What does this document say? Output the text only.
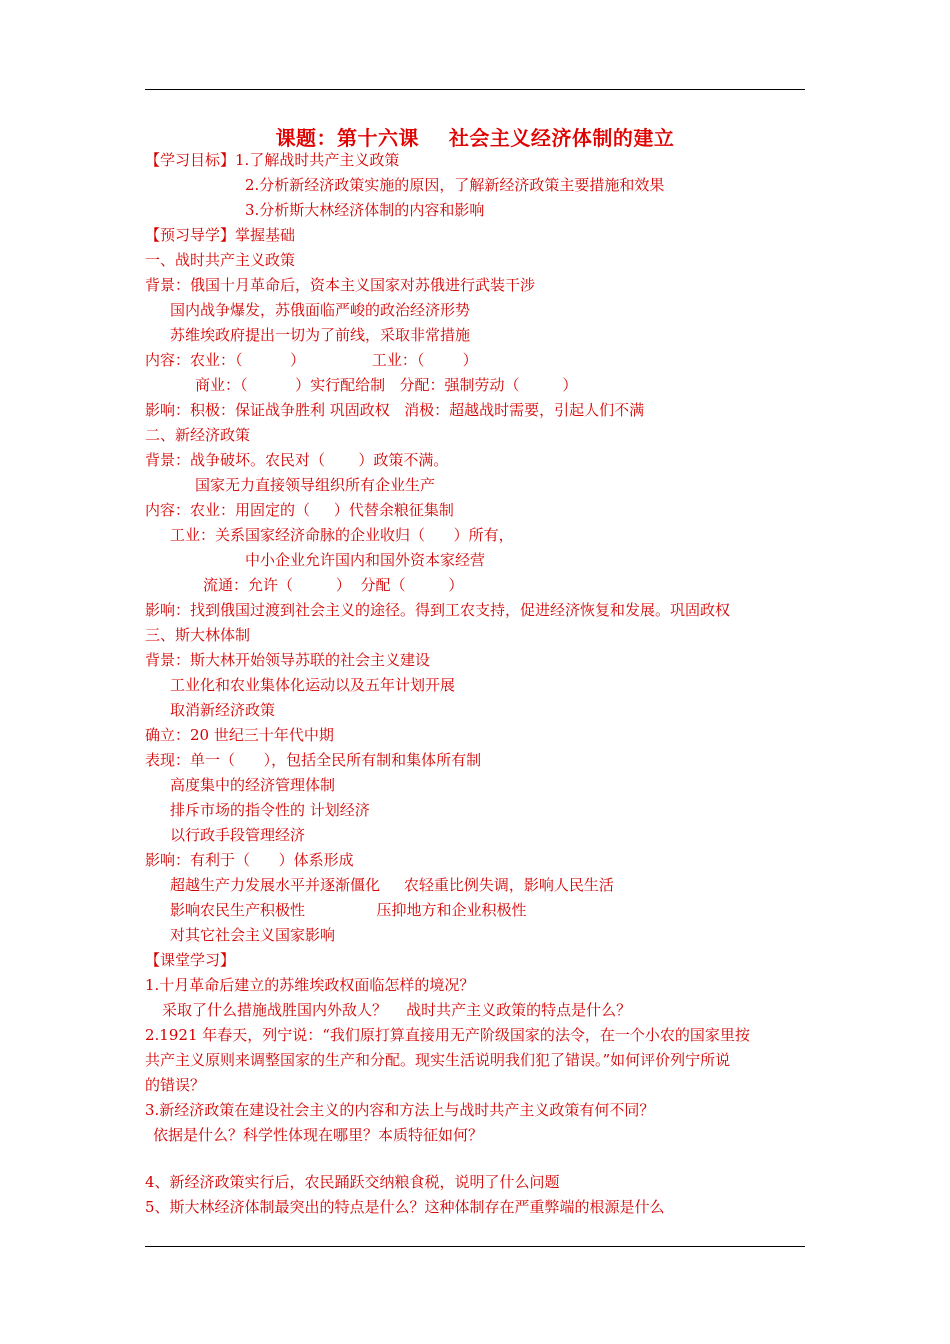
课题：第十六课    社会主义经济体制的建立
【学习目标】1.了解战时共产主义政策
2.分析新经济政策实施的原因，了解新经济政策主要措施和效果
3.分析斯大林经济体制的内容和影响
【预习导学】掌握基础
一、战时共产主义政策
背景：俄国十月革命后，资本主义国家对苏俄进行武装干涉
国内战争爆发，苏俄面临严峻的政治经济形势
苏维埃政府提出一切为了前线，采取非常措施
内容：农业：（          ）              工业：（        ）
商业：（          ）实行配给制   分配：强制劳动（         ）
影响：积极：保证战争胜利 巩固政权   消极：超越战时需要，引起人们不满
二、新经济政策
背景：战争破坏。农民对（       ）政策不满。
国家无力直接领导组织所有企业生产
内容：农业：用固定的（     ）代替余粮征集制
工业：关系国家经济命脉的企业收归（      ）所有，
中小企业允许国内和国外资本家经营
流通：允许（         ）  分配（         ）
影响：找到俄国过渡到社会主义的途径。得到工农支持，促进经济恢复和发展。巩固政权
三、斯大林体制
背景：斯大林开始领导苏联的社会主义建设
工业化和农业集体化运动以及五年计划开展
取消新经济政策
确立：20 世纪三十年代中期
表现：单一（      ），包括全民所有制和集体所有制
高度集中的经济管理体制
排斥市场的指令性的 计划经济
以行政手段管理经济
影响：有利于（      ）体系形成
超越生产力发展水平并逐渐僵化     农轻重比例失调，影响人民生活
影响农民生产积极性               压抑地方和企业积极性
对其它社会主义国家影响
【课堂学习】
1.十月革命后建立的苏维埃政权面临怎样的境况？
采取了什么措施战胜国内外敌人？    战时共产主义政策的特点是什么？
2.1921 年春天，列宁说：“我们原打算直接用无产阶级国家的法令，在一个小农的国家里按
共产主义原则来调整国家的生产和分配。现实生活说明我们犯了错误。”如何评价列宁所说
的错误？
3.新经济政策在建设社会主义的内容和方法上与战时共产主义政策有何不同？
依据是什么？科学性体现在哪里？本质特征如何？
4、新经济政策实行后，农民踊跃交纳粮食税，说明了什么问题
5、斯大林经济体制最突出的特点是什么？这种体制存在严重弊端的根源是什么
